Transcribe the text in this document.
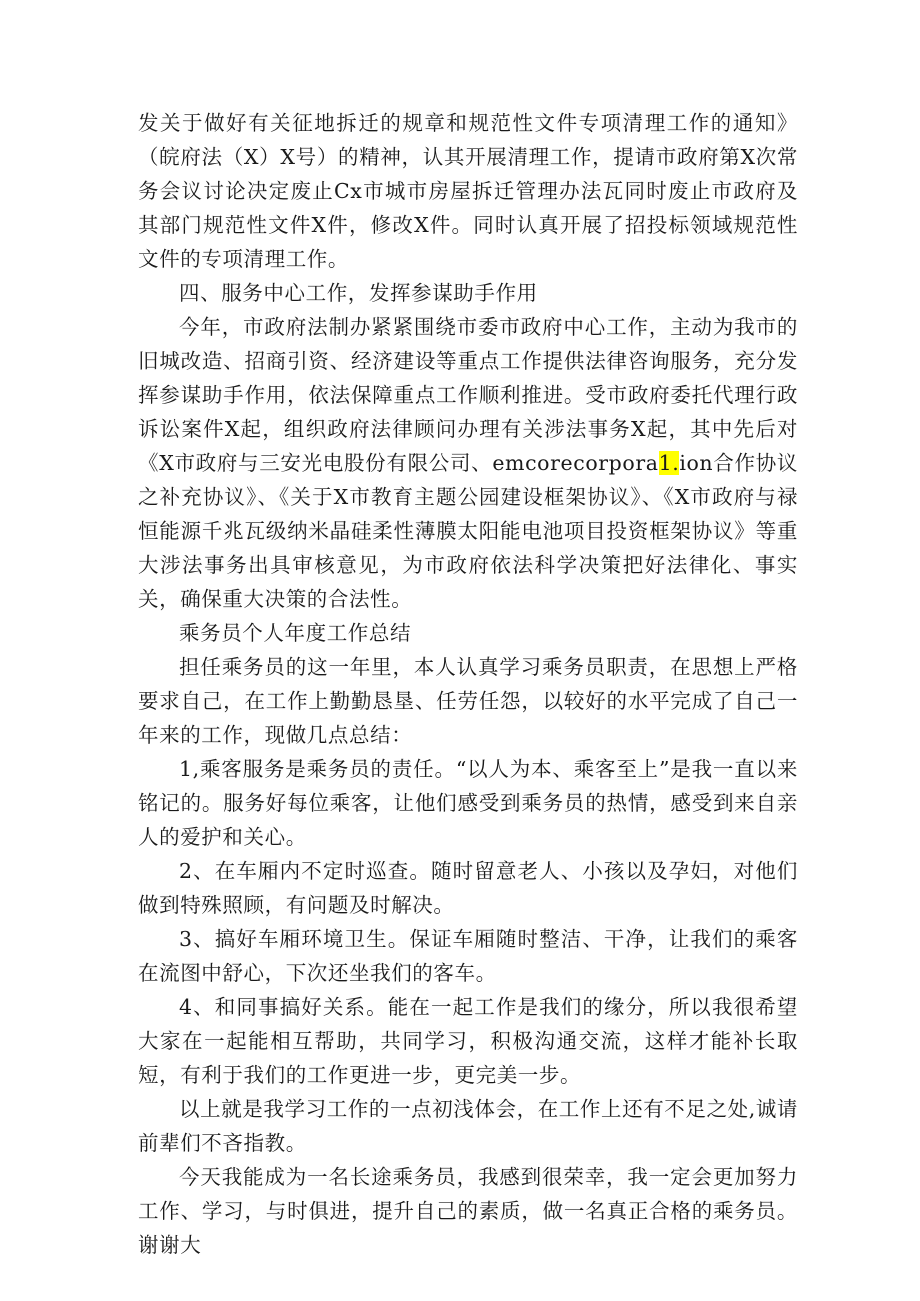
发关于做好有关征地拆迁的规章和规范性文件专项清理工作的通知》（皖府法（X）X号）的精神，认其开展清理工作，提请市政府第X次常务会议讨论决定废止Cx市城市房屋拆迁管理办法瓦同时废止市政府及其部门规范性文件X件，修改X件。同时认真开展了招投标领域规范性文件的专项清理工作。

四、服务中心工作，发挥参谋助手作用

今年，市政府法制办紧紧围绕市委市政府中心工作，主动为我市的旧城改造、招商引资、经济建设等重点工作提供法律咨询服务，充分发挥参谋助手作用，依法保障重点工作顺利推进。受市政府委托代理行政诉讼案件X起，组织政府法律顾问办理有关涉法事务X起，其中先后对《X市政府与三安光电股份有限公司、emcorecorpora1.ion合作协议之补充协议》、《关于X市教育主题公园建设框架协议》、《X市政府与禄恒能源千兆瓦级纳米晶硅柔性薄膜太阳能电池项目投资框架协议》等重大涉法事务出具审核意见，为市政府依法科学决策把好法律化、事实关，确保重大决策的合法性。

乘务员个人年度工作总结

担任乘务员的这一年里，本人认真学习乘务员职责，在思想上严格要求自己，在工作上勤勤恳垦、任劳任怨，以较好的水平完成了自己一年来的工作，现做几点总结：

1,乘客服务是乘务员的责任。“以人为本、乘客至上”是我一直以来铭记的。服务好每位乘客，让他们感受到乘务员的热情，感受到来自亲人的爱护和关心。

2、在车厢内不定时巡查。随时留意老人、小孩以及孕妇，对他们做到特殊照顾，有问题及时解决。

3、搞好车厢环境卫生。保证车厢随时整洁、干净，让我们的乘客在流图中舒心，下次还坐我们的客车。

4、和同事搞好关系。能在一起工作是我们的缘分，所以我很希望大家在一起能相互帮助，共同学习，积极沟通交流，这样才能补长取短，有利于我们的工作更进一步，更完美一步。

以上就是我学习工作的一点初浅体会，在工作上还有不足之处,诚请前辈们不吝指教。

今天我能成为一名长途乘务员，我感到很荣幸，我一定会更加努力工作、学习，与时俱进，提升自己的素质，做一名真正合格的乘务员。谢谢大
